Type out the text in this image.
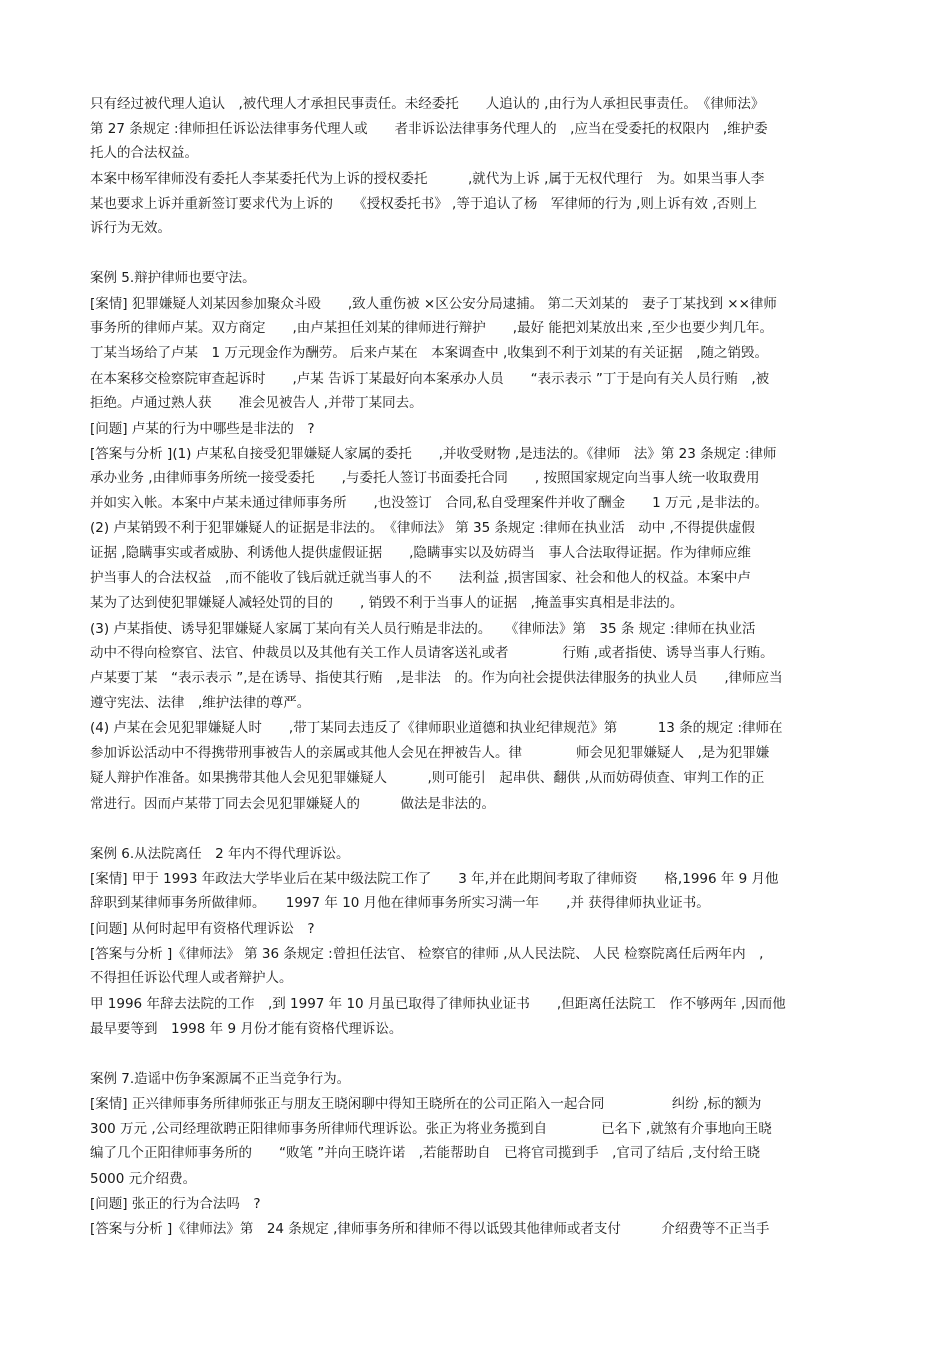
只有经过被代理人追认　,被代理人才承担民事责任。未经委托　　人追认的 ,由行为人承担民事责任。　《律师法》
第 27 条规定 :律师担任诉讼法律事务代理人或　　者非诉讼法律事务代理人的　,应当在受委托的权限内　,维护委
托人的合法权益。
本案中杨军律师没有委托人李某委托代为上诉的授权委托　　　,就代为上诉 ,属于无权代理行　为。如果当事人李
某也要求上诉并重新签订要求代为上诉的　　《授权委托书》 ,等于追认了杨　军律师的行为 ,则上诉有效 ,否则上
诉行为无效。
案例 5.辩护律师也要守法。
[案情] 犯罪嫌疑人刘某因参加聚众斗殴　　,致人重伤被 ×区公安分局逮捕。 第二天刘某的　妻子丁某找到 ××律师
事务所的律师卢某。双方商定　　,由卢某担任刘某的律师进行辩护　　,最好 能把刘某放出来 ,至少也要少判几年。
丁某当场给了卢某　1 万元现金作为酬劳。 后来卢某在　本案调查中 ,收集到不利于刘某的有关证据　,随之销毁。
在本案移交检察院审查起诉时　　,卢某 告诉丁某最好向本案承办人员　　“表示表示 ”丁于是向有关人员行贿　,被
拒绝。卢通过熟人获　　准会见被告人 ,并带丁某同去。
[问题] 卢某的行为中哪些是非法的　?
[答案与分析 ](1) 卢某私自接受犯罪嫌疑人家属的委托　　,并收受财物 ,是违法的。《律师　法》第 23 条规定 :律师
承办业务 ,由律师事务所统一接受委托　　,与委托人签订书面委托合同　　, 按照国家规定向当事人统一收取费用
并如实入帐。本案中卢某未通过律师事务所　　,也没签订　合同,私自受理案件并收了酬金　　1 万元 ,是非法的。
(2) 卢某销毁不利于犯罪嫌疑人的证据是非法的。　《律师法》 第 35 条规定 :律师在执业活　动中 ,不得提供虚假
证据 ,隐瞒事实或者威胁、利诱他人提供虚假证据　　,隐瞒事实以及妨碍当　事人合法取得证据。作为律师应维
护当事人的合法权益　,而不能收了钱后就迁就当事人的不　　法利益 ,损害国家、社会和他人的权益。本案中卢
某为了达到使犯罪嫌疑人减轻处罚的目的　　, 销毁不利于当事人的证据　,掩盖事实真相是非法的。
(3) 卢某指使、诱导犯罪嫌疑人家属丁某向有关人员行贿是非法的。　　《律师法》第　35 条 规定 :律师在执业活
动中不得向检察官、法官、仲裁员以及其他有关工作人员请客送礼或者　　　　行贿 ,或者指使、诱导当事人行贿。
卢某要丁某　“表示表示 ”,是在诱导、指使其行贿　,是非法　的。作为向社会提供法律服务的执业人员　　,律师应当
遵守宪法、法律　,维护法律的尊严。
(4) 卢某在会见犯罪嫌疑人时　　,带丁某同去违反了《律师职业道德和执业纪律规范》第　　　13 条的规定 :律师在
参加诉讼活动中不得携带刑事被告人的亲属或其他人会见在押被告人。律　　　　师会见犯罪嫌疑人　,是为犯罪嫌
疑人辩护作准备。如果携带其他人会见犯罪嫌疑人　　　,则可能引　起串供、翻供 ,从而妨碍侦查、审判工作的正
常进行。因而卢某带丁同去会见犯罪嫌疑人的　　　做法是非法的。
案例 6.从法院离任　2 年内不得代理诉讼。
[案情] 甲于 1993 年政法大学毕业后在某中级法院工作了　　3 年,并在此期间考取了律师资　　格,1996 年 9 月他
辞职到某律师事务所做律师。　　1997 年 10 月他在律师事务所实习满一年　　,并 获得律师执业证书。
[问题] 从何时起甲有资格代理诉讼　?
[答案与分析 ]《律师法》 第 36 条规定 :曾担任法官、 检察官的律师 ,从人民法院、 人民 检察院离任后两年内　,
不得担任诉讼代理人或者辩护人。
甲 1996 年辞去法院的工作　,到 1997 年 10 月虽已取得了律师执业证书　　,但距离任法院工　作不够两年 ,因而他
最早要等到　1998 年 9 月份才能有资格代理诉讼。
案例 7.造谣中伤争案源属不正当竞争行为。
[案情] 正兴律师事务所律师张正与朋友王晓闲聊中得知王晓所在的公司正陷入一起合同　　　　　纠纷 ,标的额为
300 万元 ,公司经理欲聘正阳律师事务所律师代理诉讼。张正为将业务揽到自　　　　已名下 ,就煞有介事地向王晓
编了几个正阳律师事务所的　　“败笔 ”并向王晓许诺　,若能帮助自　已将官司揽到手　,官司了结后 ,支付给王晓
5000 元介绍费。
[问题] 张正的行为合法吗　?
[答案与分析 ]《律师法》第　24 条规定 ,律师事务所和律师不得以诋毁其他律师或者支付　　　介绍费等不正当手
